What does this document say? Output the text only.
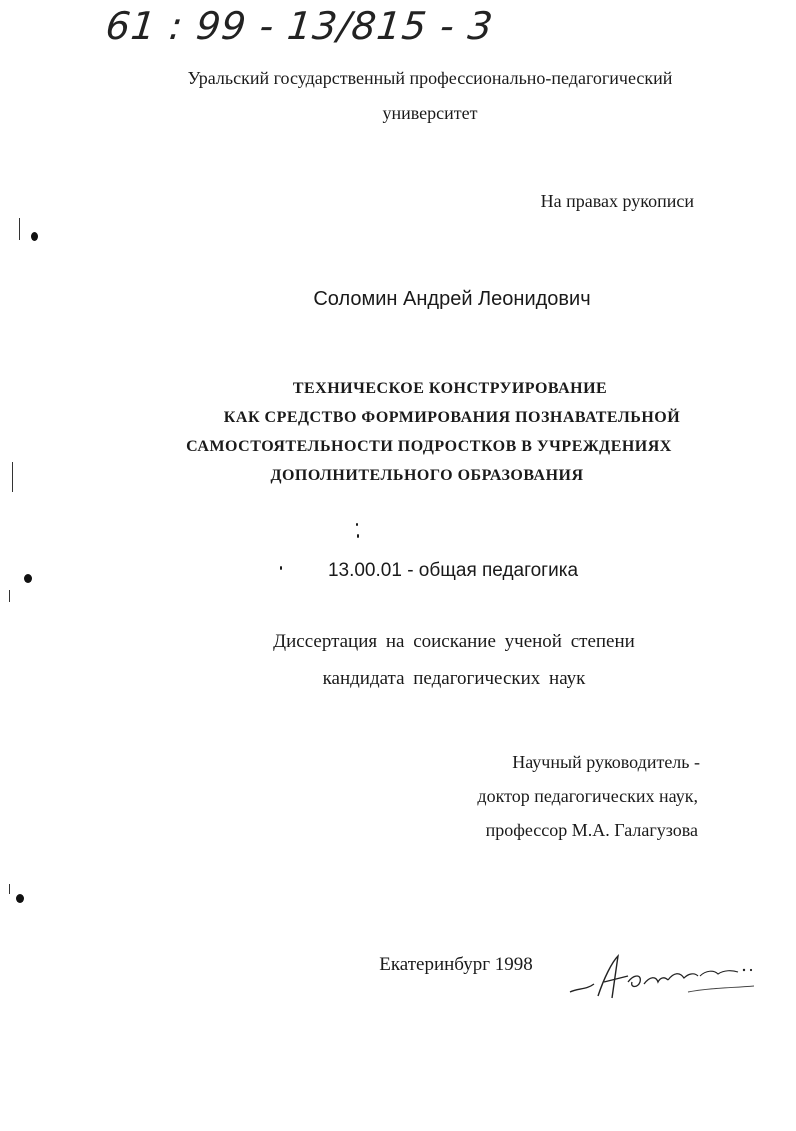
61 : 99 - 13/815 - 3
Уральский государственный профессионально-педагогический
университет
На правах рукописи
Соломин Андрей Леонидович
ТЕХНИЧЕСКОЕ КОНСТРУИРОВАНИЕ
КАК СРЕДСТВО ФОРМИРОВАНИЯ ПОЗНАВАТЕЛЬНОЙ
САМОСТОЯТЕЛЬНОСТИ ПОДРОСТКОВ В УЧРЕЖДЕНИЯХ
ДОПОЛНИТЕЛЬНОГО ОБРАЗОВАНИЯ
13.00.01 - общая педагогика
Диссертация на соискание ученой степени
кандидата педагогических наук
Научный руководитель -
доктор педагогических наук,
профессор М.А. Галагузова
Екатеринбург 1998
